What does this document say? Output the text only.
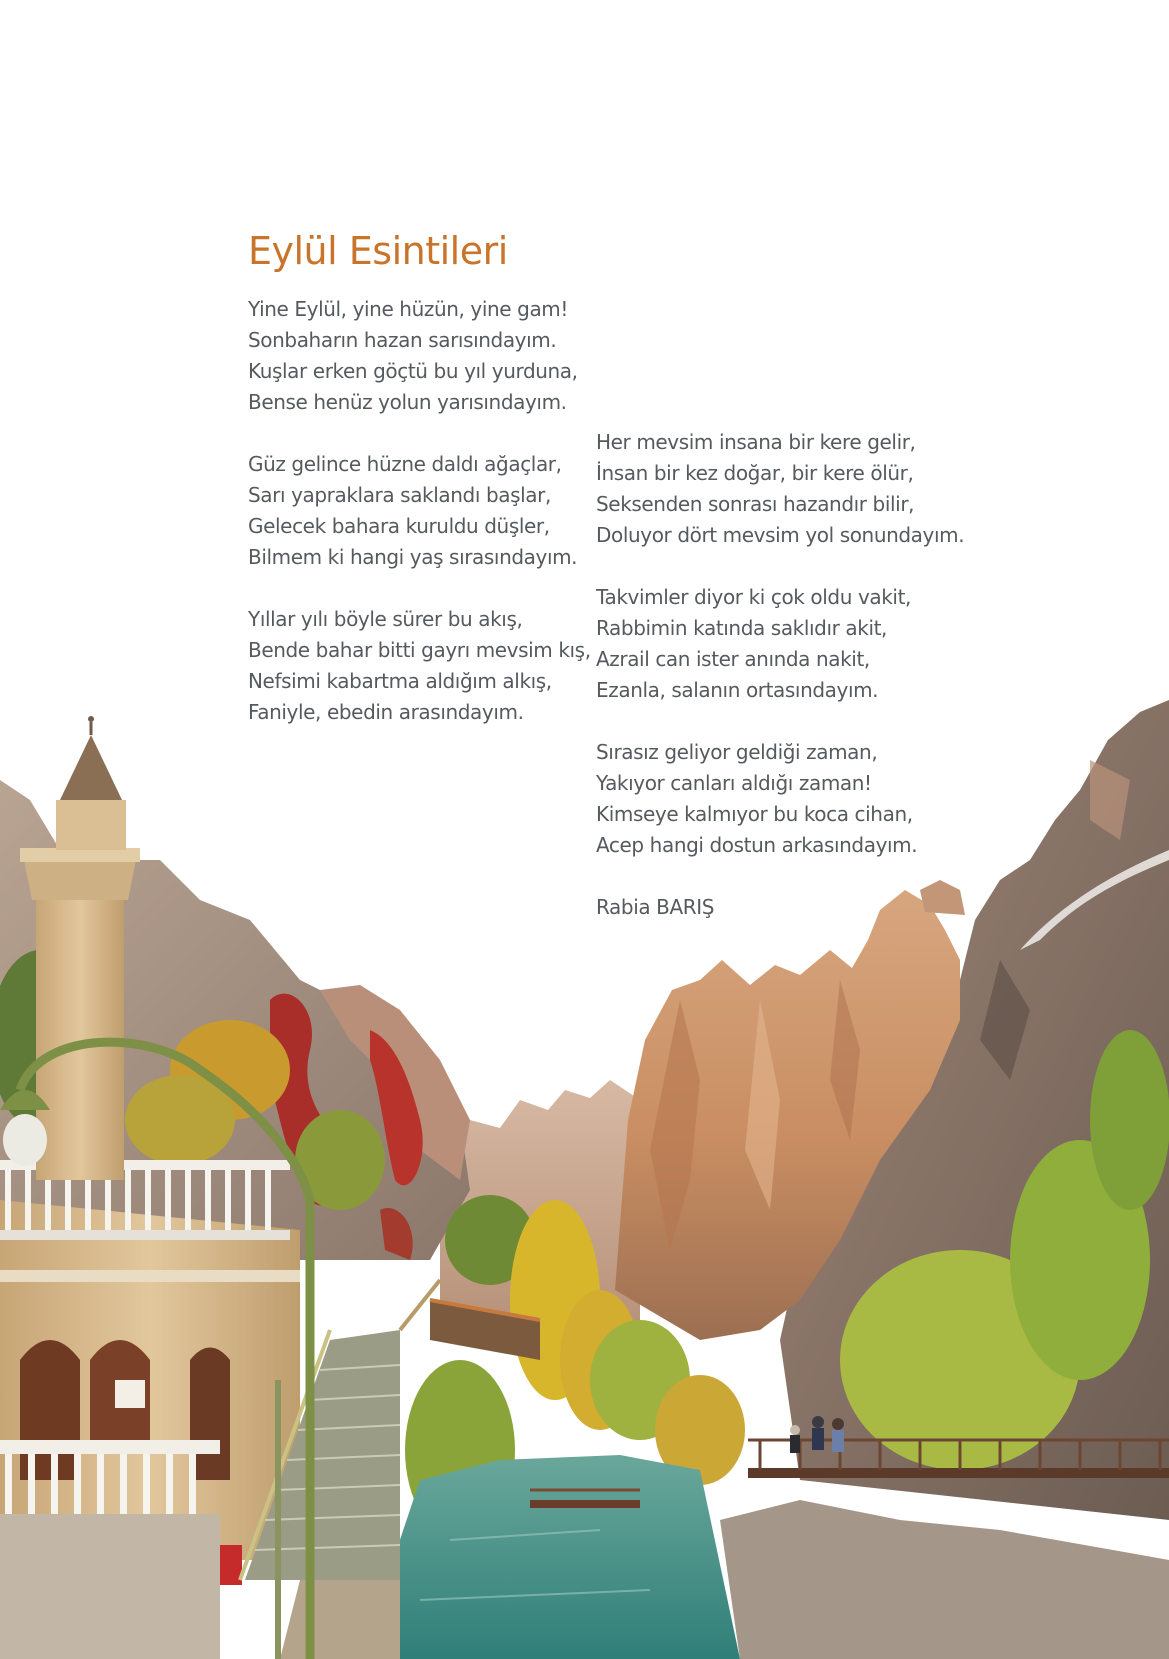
Eylül Esintileri

Yine Eylül, yine hüzün, yine gam!
Sonbaharın hazan sarısındayım.
Kuşlar erken göçtü bu yıl yurduna,
Bense henüz yolun yarısındayım.

Güz gelince hüzne daldı ağaçlar,
Sarı yapraklara saklandı başlar,
Gelecek bahara kuruldu düşler,
Bilmem ki hangi yaş sırasındayım.

Yıllar yılı böyle sürer bu akış,
Bende bahar bitti gayrı mevsim kış,
Nefsimi kabartma aldığım alkış,
Faniyle, ebedin arasındayım.

Her mevsim insana bir kere gelir,
İnsan bir kez doğar, bir kere ölür,
Seksenden sonrası hazandır bilir,
Doluyor dört mevsim yol sonundayım.

Takvimler diyor ki çok oldu vakit,
Rabbimin katında saklıdır akit,
Azrail can ister anında nakit,
Ezanla, salanın ortasındayım.

Sırasız geliyor geldiği zaman,
Yakıyor canları aldığı zaman!
Kimseye kalmıyor bu koca cihan,
Acep hangi dostun arkasındayım.

Rabia BARIŞ
